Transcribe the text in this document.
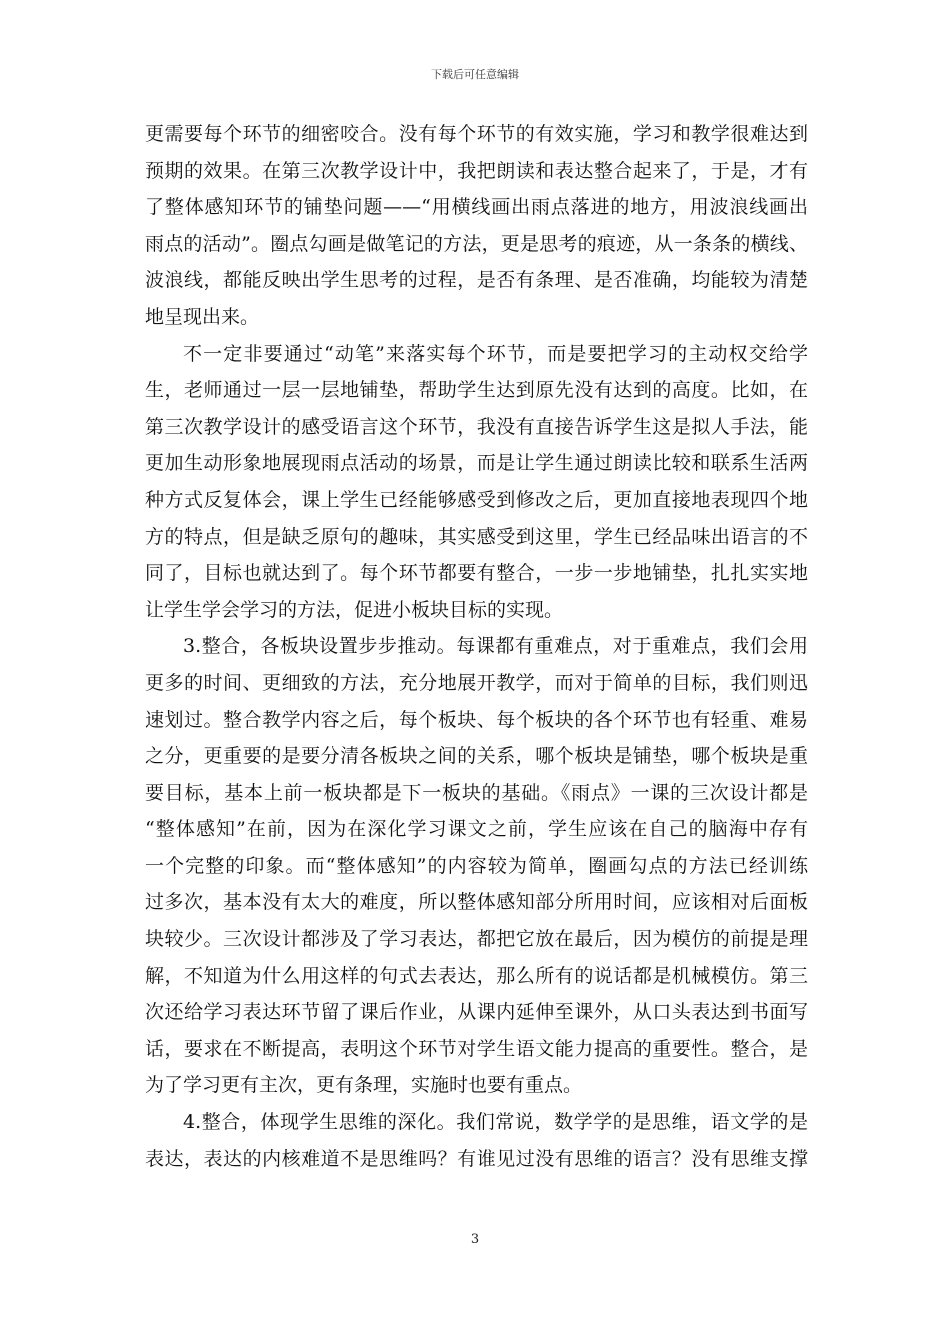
下载后可任意编辑
更需要每个环节的细密咬合。没有每个环节的有效实施，学习和教学很难达到
预期的效果。在第三次教学设计中，我把朗读和表达整合起来了，于是，才有
了整体感知环节的铺垫问题——“用横线画出雨点落进的地方，用波浪线画出
雨点的活动”。圈点勾画是做笔记的方法，更是思考的痕迹，从一条条的横线、
波浪线，都能反映出学生思考的过程，是否有条理、是否准确，均能较为清楚
地呈现出来。
不一定非要通过“动笔”来落实每个环节，而是要把学习的主动权交给学
生，老师通过一层一层地铺垫，帮助学生达到原先没有达到的高度。比如，在
第三次教学设计的感受语言这个环节，我没有直接告诉学生这是拟人手法，能
更加生动形象地展现雨点活动的场景，而是让学生通过朗读比较和联系生活两
种方式反复体会，课上学生已经能够感受到修改之后，更加直接地表现四个地
方的特点，但是缺乏原句的趣味，其实感受到这里，学生已经品味出语言的不
同了，目标也就达到了。每个环节都要有整合，一步一步地铺垫，扎扎实实地
让学生学会学习的方法，促进小板块目标的实现。
3.整合，各板块设置步步推动。每课都有重难点，对于重难点，我们会用
更多的时间、更细致的方法，充分地展开教学，而对于简单的目标，我们则迅
速划过。整合教学内容之后，每个板块、每个板块的各个环节也有轻重、难易
之分，更重要的是要分清各板块之间的关系，哪个板块是铺垫，哪个板块是重
要目标，基本上前一板块都是下一板块的基础。《雨点》一课的三次设计都是
“整体感知”在前，因为在深化学习课文之前，学生应该在自己的脑海中存有
一个完整的印象。而“整体感知”的内容较为简单，圈画勾点的方法已经训练
过多次，基本没有太大的难度，所以整体感知部分所用时间，应该相对后面板
块较少。三次设计都涉及了学习表达，都把它放在最后，因为模仿的前提是理
解，不知道为什么用这样的句式去表达，那么所有的说话都是机械模仿。第三
次还给学习表达环节留了课后作业，从课内延伸至课外，从口头表达到书面写
话，要求在不断提高，表明这个环节对学生语文能力提高的重要性。整合，是
为了学习更有主次，更有条理，实施时也要有重点。
4.整合，体现学生思维的深化。我们常说，数学学的是思维，语文学的是
表达，表达的内核难道不是思维吗？有谁见过没有思维的语言？没有思维支撑
3
